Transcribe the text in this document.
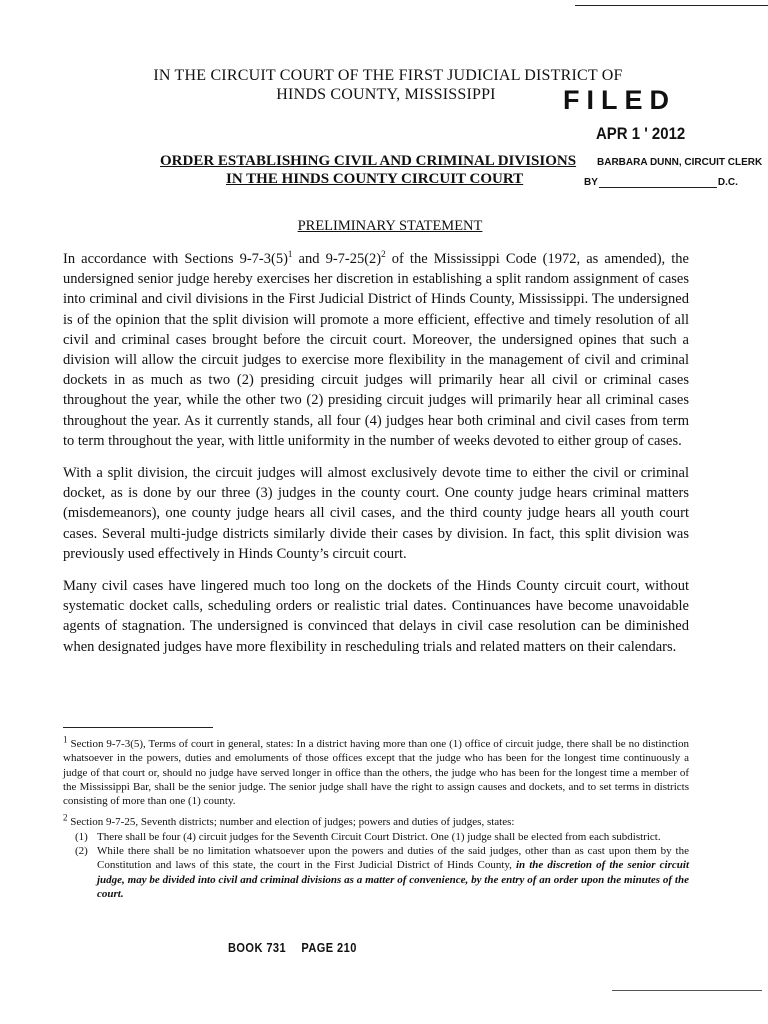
IN THE CIRCUIT COURT OF THE FIRST JUDICIAL DISTRICT OF
HINDS COUNTY, MISSISSIPPI	FILED
APR 1 ' 2012
BARBARA DUNN, CIRCUIT CLERK
BY	D.C.
ORDER ESTABLISHING CIVIL AND CRIMINAL DIVISIONS
IN THE HINDS COUNTY CIRCUIT COURT
PRELIMINARY STATEMENT

In accordance with Sections $9-7-3(5)^1$ and $9-7-25(2)^2$ of the Mississippi Code (1972, as amended), the undersigned senior judge hereby exercises her discretion in establishing a split random assignment of cases into criminal and civil divisions in the First Judicial District of Hinds County, Mississippi. The undersigned is of the opinion that the split division will promote a more efficient, effective and timely resolution of all civil and criminal cases brought before the circuit court. Moreover, the undersigned opines that such a division will allow the circuit judges to exercise more flexibility in the management of civil and criminal dockets in as much as two (2) presiding circuit judges will primarily hear all civil or criminal cases throughout the year, while the other two (2) presiding circuit judges will primarily hear all criminal cases throughout the year. As it currently stands, all four (4) judges hear both criminal and civil cases from term to term throughout the year, with little uniformity in the number of weeks devoted to either group of cases.

With a split division, the circuit judges will almost exclusively devote time to either the civil or criminal docket, as is done by our three (3) judges in the county court. One county judge hears criminal matters (misdemeanors), one county judge hears all civil cases, and the third county judge hears all youth court cases. Several multi-judge districts similarly divide their cases by division. In fact, this split division was previously used effectively in Hinds County’s circuit court.

Many civil cases have lingered much too long on the dockets of the Hinds County circuit court, without systematic docket calls, scheduling orders or realistic trial dates. Continuances have become unavoidable agents of stagnation. The undersigned is convinced that delays in civil case resolution can be diminished when designated judges have more flexibility in rescheduling trials and related matters on their calendars.

$^1$ Section 9-7-3(5), Terms of court in general, states: In a district having more than one (1) office of circuit judge, there shall be no distinction whatsoever in the powers, duties and emoluments of those offices except that the judge who has been for the longest time continuously a judge of that court or, should no judge have served longer in office than the others, the judge who has been for the longest time a member of the Mississippi Bar, shall be the senior judge. The senior judge shall have the right to assign causes and dockets, and to set terms in districts consisting of more than one (1) county.

$^2$ Section 9-7-25, Seventh districts; number and election of judges; powers and duties of judges, states:

(1) There shall be four (4) circuit judges for the Seventh Circuit Court District. One (1) judge shall be elected from each subdistrict.
(2) While there shall be no limitation whatsoever upon the powers and duties of the said judges, other than as cast upon them by the Constitution and laws of this state, the court in the First Judicial District of Hinds County, in the discretion of the senior circuit judge, may be divided into civil and criminal divisions as a matter of convenience, by the entry of an order upon the minutes of the court.
BOOK 731 PAGE 210
